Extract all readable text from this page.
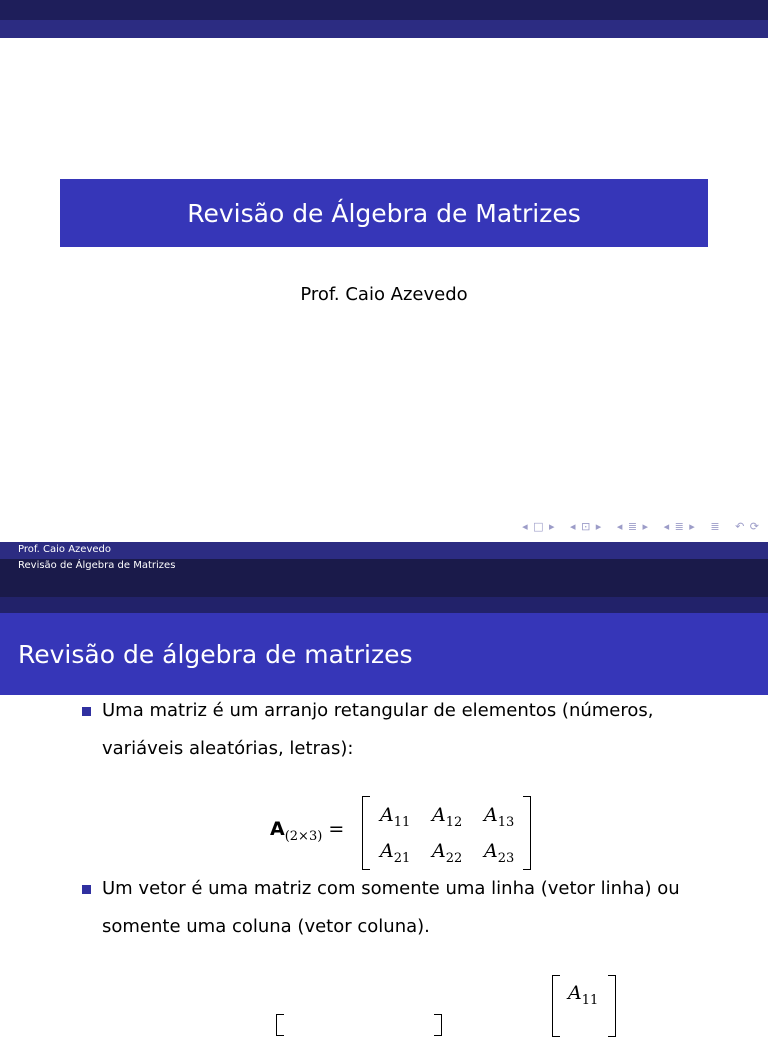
Revisão de Álgebra de Matrizes
Prof. Caio Azevedo
◂ □ ▸ ◂ ⊡ ▸ ◂ ≣ ▸ ◂ ≣ ▸ ≣ ↶ ⟳
Prof. Caio Azevedo
Revisão de Álgebra de Matrizes
Revisão de álgebra de matrizes
Uma matriz é um arranjo retangular de elementos (números, variáveis aleatórias, letras):
$A_{(2\times 3)}$ =
$A_{11}$ $A_{12}$ $A_{13}$
$A_{21}$ $A_{22}$ $A_{23}$
Um vetor é uma matriz com somente uma linha (vetor linha) ou somente uma coluna (vetor coluna).
$A_{11}$
